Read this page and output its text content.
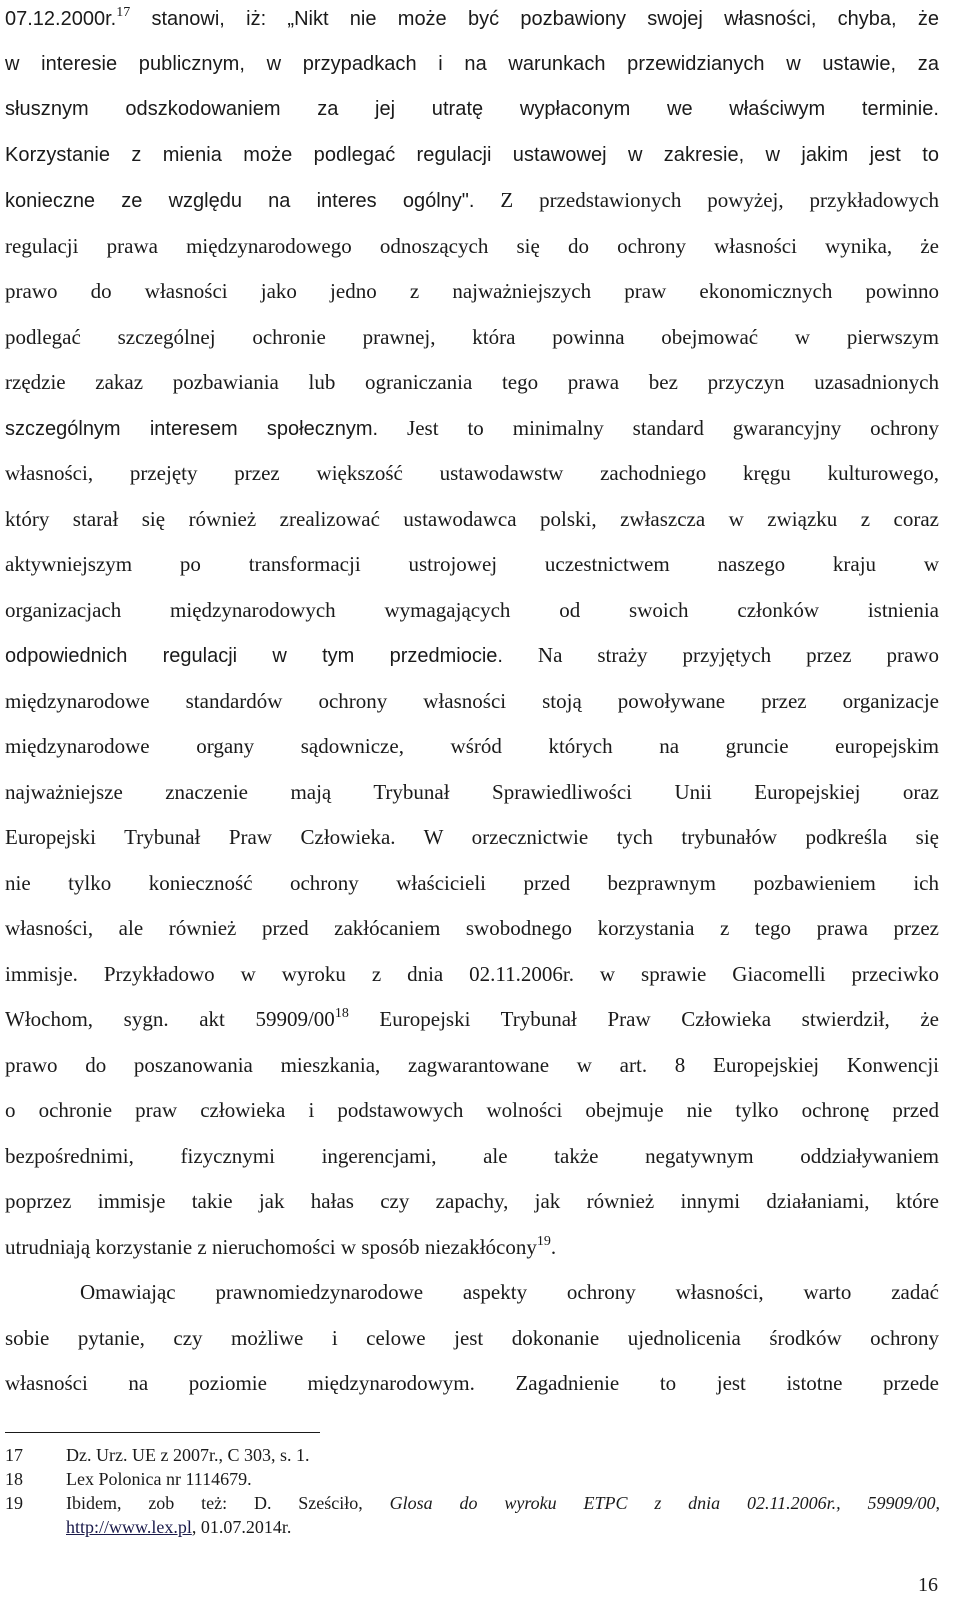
07.12.2000r.$^{17}$ stanowi, iż: „Nikt nie może być pozbawiony swojej własności, chyba, że
w interesie publicznym, w przypadkach i na warunkach przewidzianych w ustawie, za
słusznym odszkodowaniem za jej utratę wypłaconym we właściwym terminie.
Korzystanie z mienia może podlegać regulacji ustawowej w zakresie, w jakim jest to
konieczne ze względu na interes ogólny". Z przedstawionych powyżej, przykładowych
regulacji prawa międzynarodowego odnoszących się do ochrony własności wynika, że
prawo do własności jako jedno z najważniejszych praw ekonomicznych powinno
podlegać szczególnej ochronie prawnej, która powinna obejmować w pierwszym
rzędzie zakaz pozbawiania lub ograniczania tego prawa bez przyczyn uzasadnionych
szczególnym interesem społecznym. Jest to minimalny standard gwarancyjny ochrony
własności, przejęty przez większość ustawodawstw zachodniego kręgu kulturowego,
który starał się również zrealizować ustawodawca polski, zwłaszcza w związku z coraz
aktywniejszym po transformacji ustrojowej uczestnictwem naszego kraju w
organizacjach międzynarodowych wymagających od swoich członków istnienia
odpowiednich regulacji w tym przedmiocie. Na straży przyjętych przez prawo
międzynarodowe standardów ochrony własności stoją powoływane przez organizacje
międzynarodowe organy sądownicze, wśród których na gruncie europejskim
najważniejsze znaczenie mają Trybunał Sprawiedliwości Unii Europejskiej oraz
Europejski Trybunał Praw Człowieka. W orzecznictwie tych trybunałów podkreśla się
nie tylko konieczność ochrony właścicieli przed bezprawnym pozbawieniem ich
własności, ale również przed zakłócaniem swobodnego korzystania z tego prawa przez
immisje. Przykładowo w wyroku z dnia 02.11.2006r. w sprawie Giacomelli przeciwko
Włochom, sygn. akt $59909/00^{18}$ Europejski Trybunał Praw Człowieka stwierdził, że
prawo do poszanowania mieszkania, zagwarantowane w art. 8 Europejskiej Konwencji
o ochronie praw człowieka i podstawowych wolności obejmuje nie tylko ochronę przed
bezpośrednimi, fizycznymi ingerencjami, ale także negatywnym oddziaływaniem
poprzez immisje takie jak hałas czy zapachy, jak również innymi działaniami, które
utrudniają korzystanie z nieruchomości w sposób niezakłócony$^{19}$.
Omawiając prawnomiedzynarodowe aspekty ochrony własności, warto zadać
sobie pytanie, czy możliwe i celowe jest dokonanie ujednolicenia środków ochrony
własności na poziomie międzynarodowym. Zagadnienie to jest istotne przede
17	Dz. Urz. UE z 2007r., C 303, s. 1.
18	Lex Polonica nr 1114679.
19	Ibidem, zob też: D. Sześciło, Glosa do wyroku ETPC z dnia 02.11.2006r., 59909/00,
http://www.lex.pl, 01.07.2014r.
16
